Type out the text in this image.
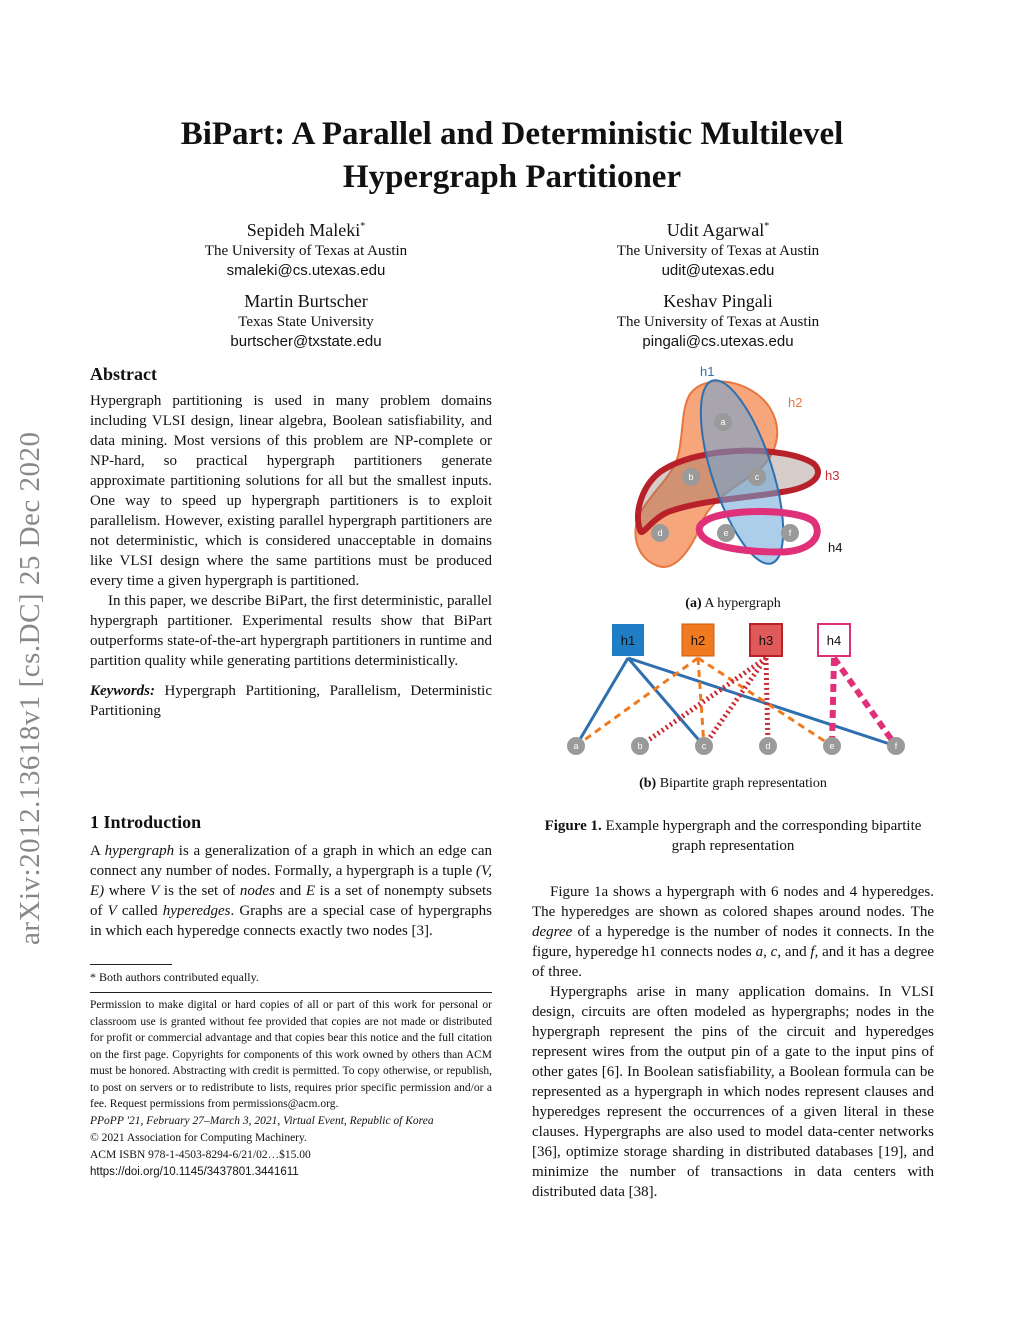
BiPart: A Parallel and Deterministic Multilevel
Hypergraph Partitioner
Sepideh Maleki*
The University of Texas at Austin
smaleki@cs.utexas.edu
Udit Agarwal*
The University of Texas at Austin
udit@utexas.edu
Martin Burtscher
Texas State University
burtscher@txstate.edu
Keshav Pingali
The University of Texas at Austin
pingali@cs.utexas.edu
arXiv:2012.13618v1 [cs.DC] 25 Dec 2020
Abstract

Hypergraph partitioning is used in many problem domains including VLSI design, linear algebra, Boolean satisfiability, and data mining. Most versions of this problem are NP-complete or NP-hard, so practical hypergraph partitioners generate approximate partitioning solutions for all but the smallest inputs. One way to speed up hypergraph partitioners is to exploit parallelism. However, existing parallel hypergraph partitioners are not deterministic, which is considered unacceptable in domains like VLSI design where the same partitions must be produced every time a given hypergraph is partitioned.

In this paper, we describe BiPart, the first deterministic, parallel hypergraph partitioner. Experimental results show that BiPart outperforms state-of-the-art hypergraph partitioners in runtime and partition quality while generating partitions deterministically.

Keywords: Hypergraph Partitioning, Parallelism, Deterministic Partitioning

1 Introduction

A hypergraph is a generalization of a graph in which an edge can connect any number of nodes. Formally, a hypergraph is a tuple (V, E) where V is the set of nodes and E is a set of nonempty subsets of V called hyperedges. Graphs are a special case of hypergraphs in which each hyperedge connects exactly two nodes [3].

* Both authors contributed equally.
Permission to make digital or hard copies of all or part of this work for personal or classroom use is granted without fee provided that copies are not made or distributed for profit or commercial advantage and that copies bear this notice and the full citation on the first page. Copyrights for components of this work owned by others than ACM must be honored. Abstracting with credit is permitted. To copy otherwise, or republish, to post on servers or to redistribute to lists, requires prior specific permission and/or a fee. Request permissions from permissions@acm.org.
PPoPP '21, February 27–March 3, 2021, Virtual Event, Republic of Korea
© 2021 Association for Computing Machinery.
ACM ISBN 978-1-4503-8294-6/21/02…$15.00
https://doi.org/10.1145/3437801.3441611
a
b	c
d	e	f
h1
h2
h3
h4
(a) A hypergraph
h1	h2	h3	h4
a	b	c	d	e	f
(b) Bipartite graph representation
Figure 1. Example hypergraph and the corresponding bipartite graph representation

Figure 1a shows a hypergraph with 6 nodes and 4 hyperedges. The hyperedges are shown as colored shapes around nodes. The degree of a hyperedge is the number of nodes it connects. In the figure, hyperedge h1 connects nodes a, c, and f, and it has a degree of three.

Hypergraphs arise in many application domains. In VLSI design, circuits are often modeled as hypergraphs; nodes in the hypergraph represent the pins of the circuit and hyperedges represent wires from the output pin of a gate to the input pins of other gates [6]. In Boolean satisfiability, a Boolean formula can be represented as a hypergraph in which nodes represent clauses and hyperedges represent the occurrences of a given literal in these clauses. Hypergraphs are also used to model data-center networks [36], optimize storage sharding in distributed databases [19], and minimize the number of transactions in data centers with distributed data [38].
